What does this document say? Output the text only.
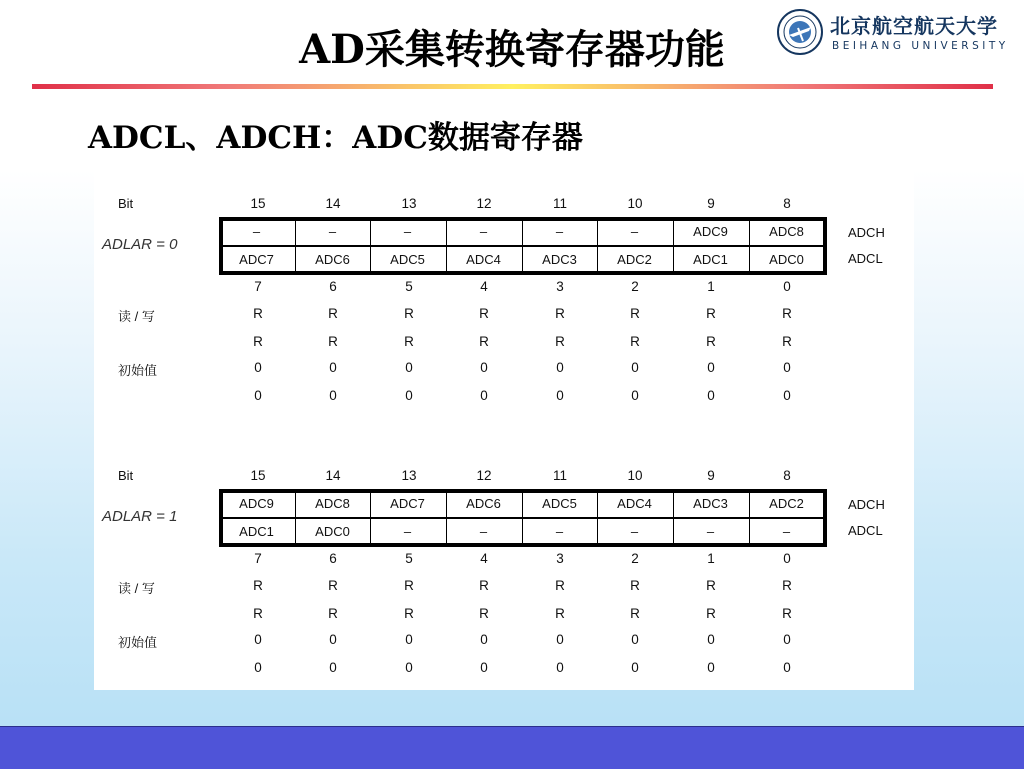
AD采集转换寄存器功能	北京航空航天大学
BEIHANG UNIVERSITY
ADCL、ADCH：ADC数据寄存器
Bit
ADLAR = 0
读 / 写
初始值
ADCH
ADCL
15
7
R
R
0
0
14
6
R
R
0
0
13
5
R
R
0
0
12
4
R
R
0
0
11
3
R
R
0
0
10
2
R
R
0
0
9
1
R
R
0
0
8
0
R
R
0
0
–
ADC7
–
ADC6
–
ADC5
–
ADC4
–
ADC3
–
ADC2
ADC9
ADC1
ADC8
ADC0
Bit
ADLAR = 1
读 / 写
初始值
ADCH
ADCL
15
7
R
R
0
0
14
6
R
R
0
0
13
5
R
R
0
0
12
4
R
R
0
0
11
3
R
R
0
0
10
2
R
R
0
0
9
1
R
R
0
0
8
0
R
R
0
0
ADC9
ADC1
ADC8
ADC0
ADC7
–
ADC6
–
ADC5
–
ADC4
–
ADC3
–
ADC2
–
